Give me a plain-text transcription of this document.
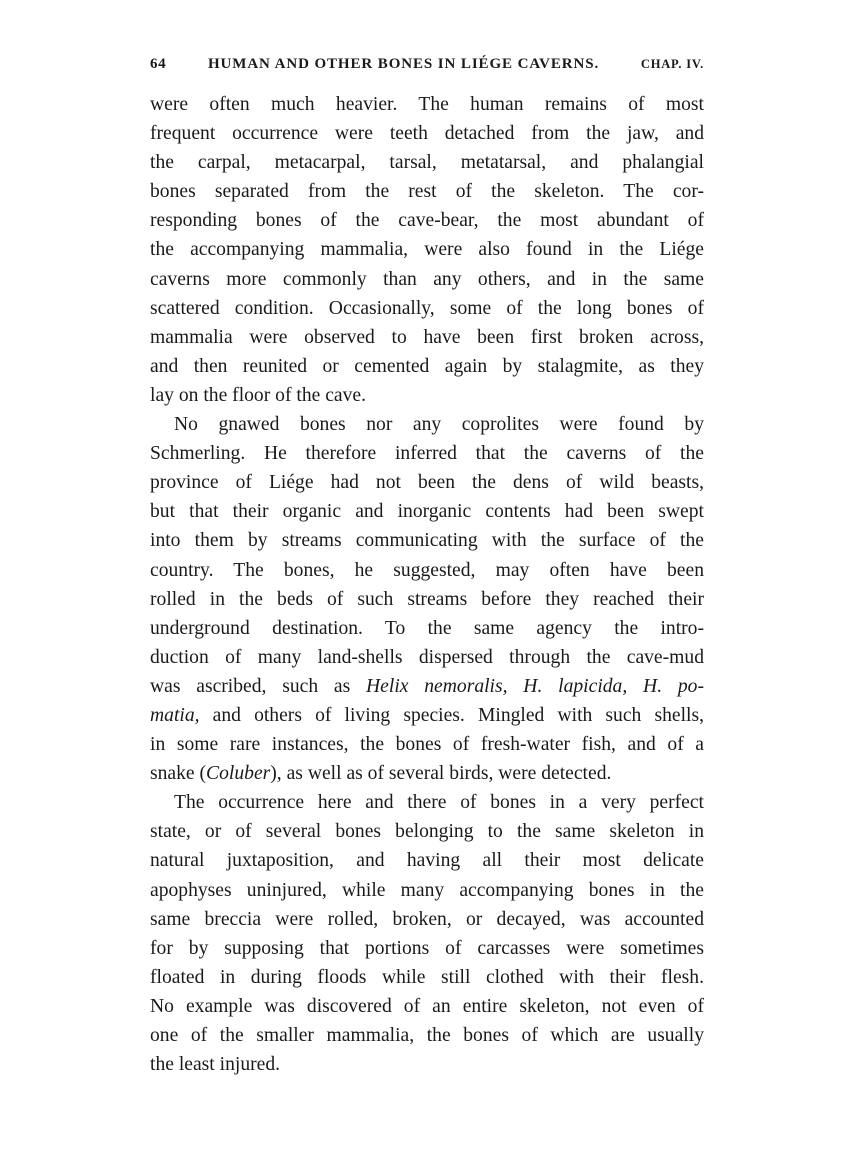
64	HUMAN AND OTHER BONES IN LIÉGE CAVERNS.	CHAP. IV.
were often much heavier. The human remains of most
frequent occurrence were teeth detached from the jaw, and
the carpal, metacarpal, tarsal, metatarsal, and phalangial
bones separated from the rest of the skeleton. The cor-
responding bones of the cave-bear, the most abundant of
the accompanying mammalia, were also found in the Liége
caverns more commonly than any others, and in the same
scattered condition. Occasionally, some of the long bones of
mammalia were observed to have been first broken across,
and then reunited or cemented again by stalagmite, as they
lay on the floor of the cave.
No gnawed bones nor any coprolites were found by
Schmerling. He therefore inferred that the caverns of the
province of Liége had not been the dens of wild beasts,
but that their organic and inorganic contents had been swept
into them by streams communicating with the surface of the
country. The bones, he suggested, may often have been
rolled in the beds of such streams before they reached their
underground destination. To the same agency the intro-
duction of many land-shells dispersed through the cave-mud
was ascribed, such as Helix nemoralis, H. lapicida, H. po-
matia, and others of living species. Mingled with such shells,
in some rare instances, the bones of fresh-water fish, and of a
snake (Coluber), as well as of several birds, were detected.
The occurrence here and there of bones in a very perfect
state, or of several bones belonging to the same skeleton in
natural juxtaposition, and having all their most delicate
apophyses uninjured, while many accompanying bones in the
same breccia were rolled, broken, or decayed, was accounted
for by supposing that portions of carcasses were sometimes
floated in during floods while still clothed with their flesh.
No example was discovered of an entire skeleton, not even of
one of the smaller mammalia, the bones of which are usually
the least injured.
